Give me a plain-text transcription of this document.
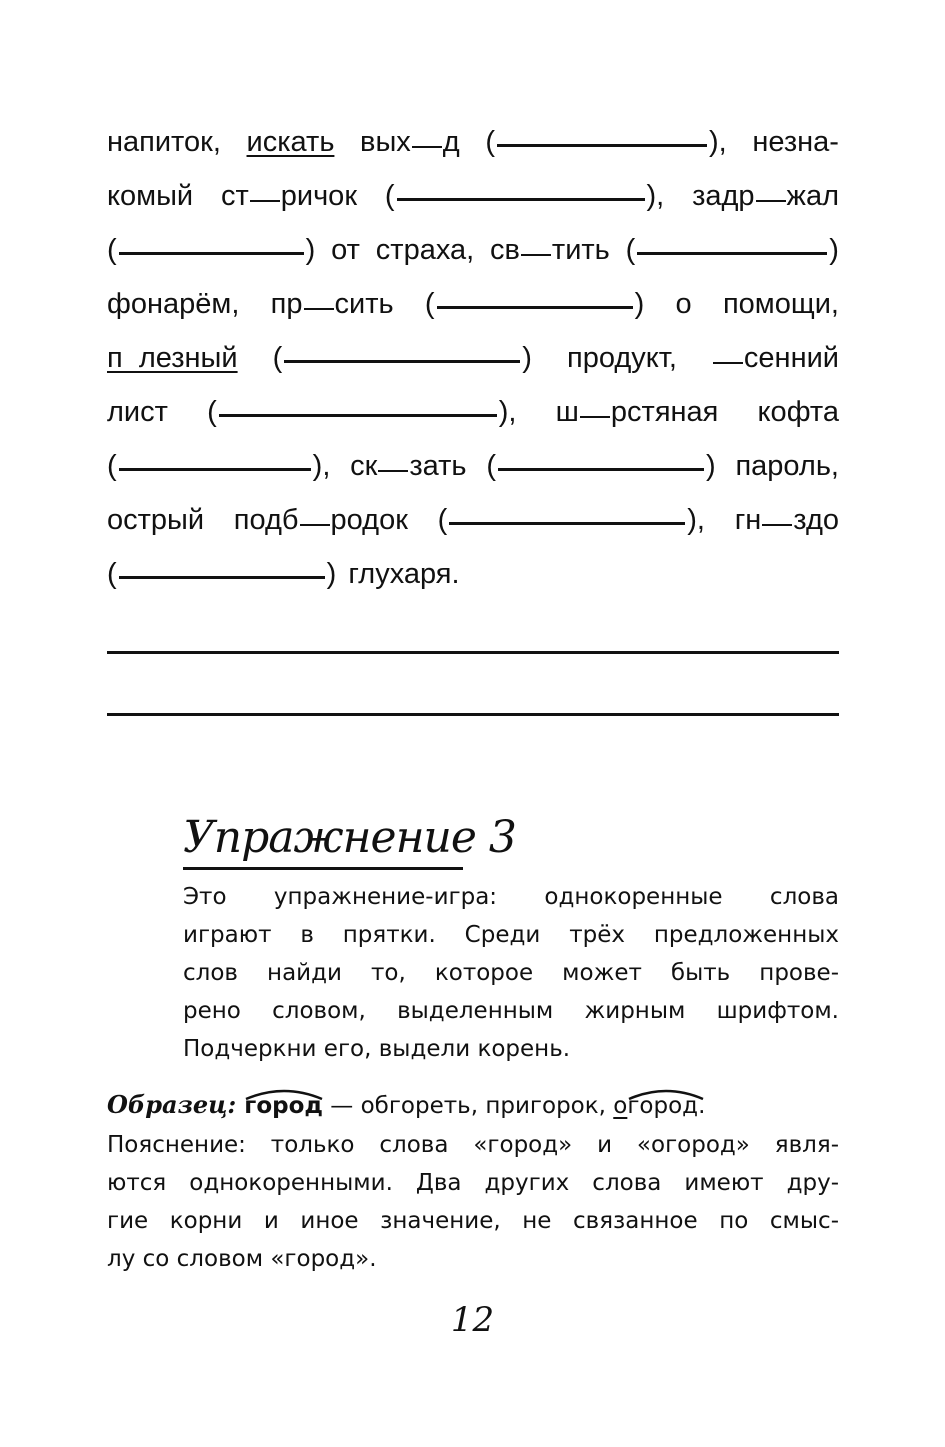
напиток, искать вых д (	), незна-
комый ст ричок (	), задр жал
(	) от страха, св тить (	)
фонарём, пр сить (	) о помощи,
п  лезный (	) продукт,	сенний
лист (	), ш рстяная кофта
(	), ск зать (	) пароль,
острый подб родок (	), гн здо
(	) глухаря.
Упражнение 3
Это упражнение-игра: однокоренные слова
играют в прятки. Среди трёх предложенных
слов найди то, которое может быть прове-
рено словом, выделенным жирным шрифтом.
Подчеркни его, выдели корень.
Образец: город — обгореть, пригорок, о
город.
Пояснение: только слова «город» и «огород» явля-
ются однокоренными. Два других слова имеют дру-
гие корни и иное значение, не связанное по смыс-
лу со словом «город».
12
